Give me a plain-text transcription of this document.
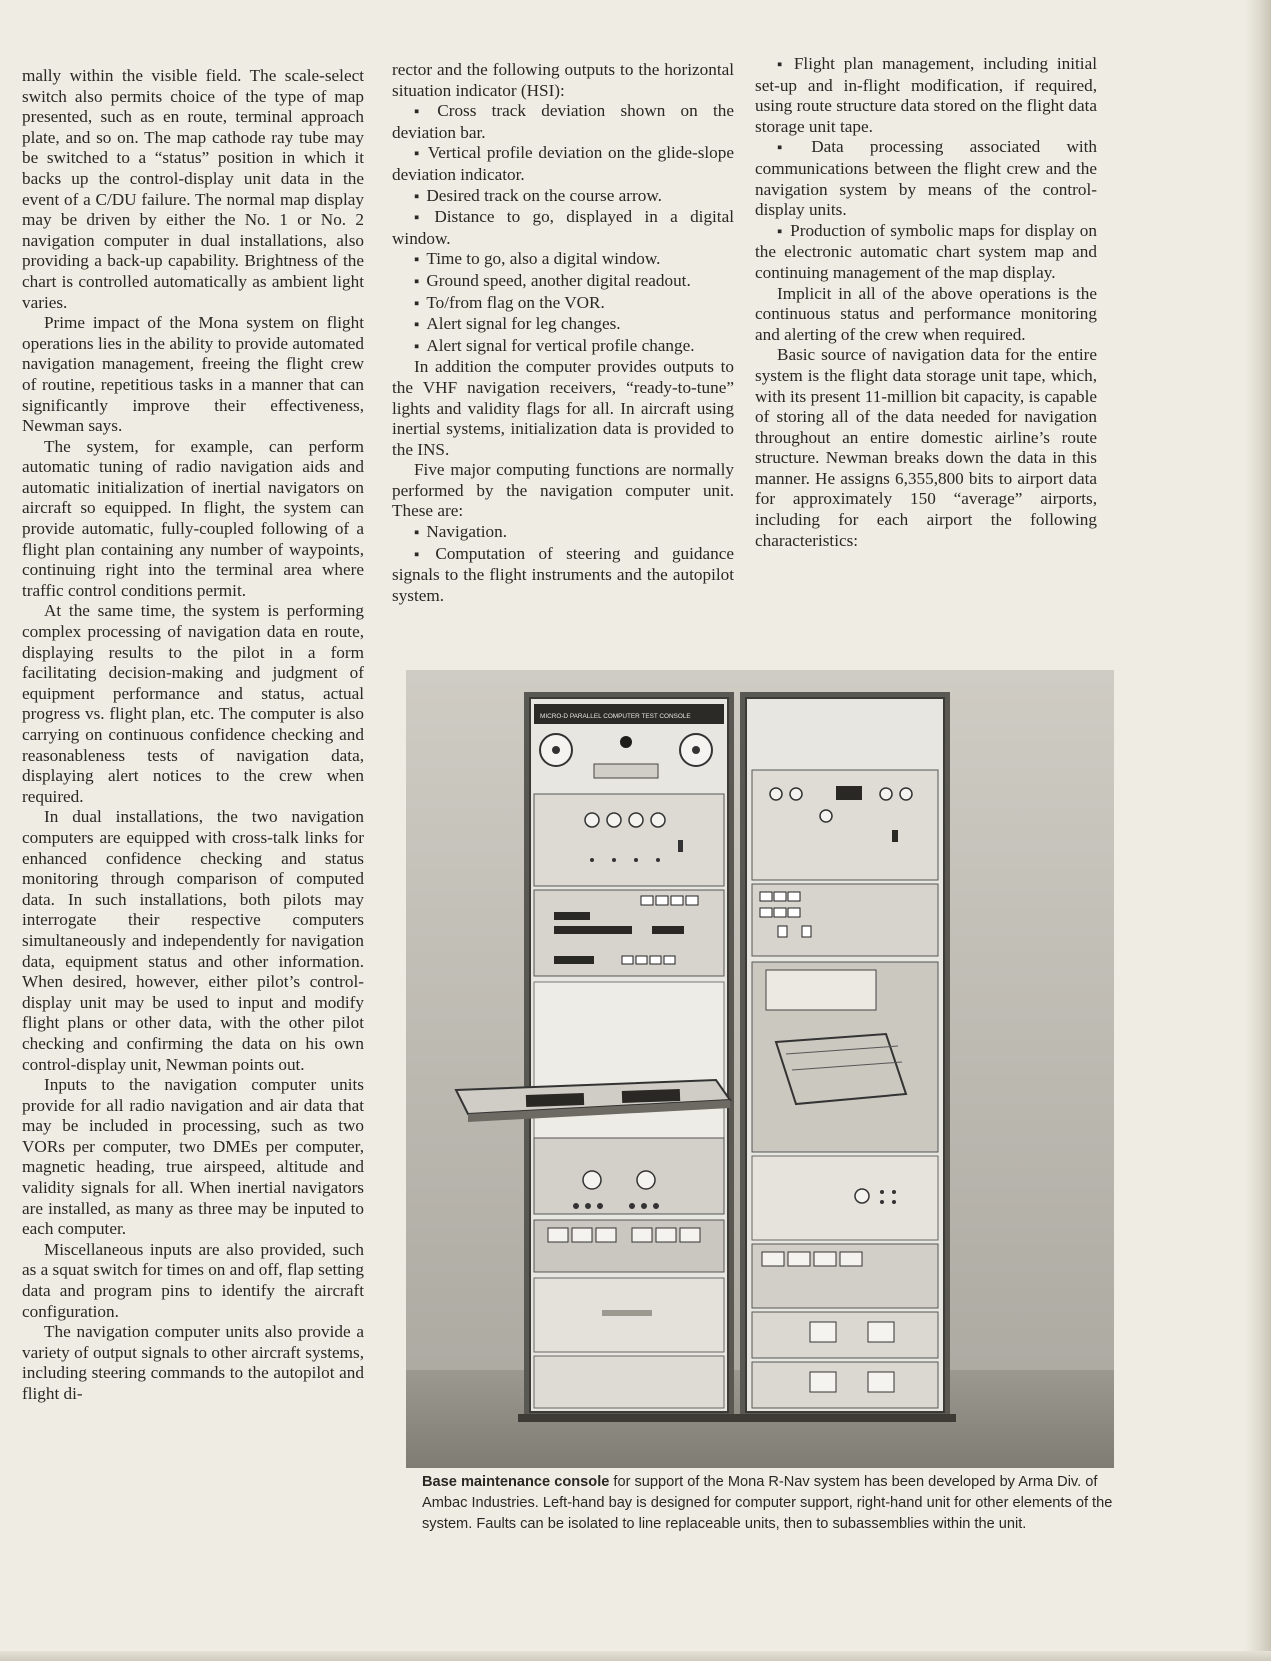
mally within the visible field. The scale-select switch also permits choice of the type of map presented, such as en route, terminal approach plate, and so on. The map cathode ray tube may be switched to a “status” position in which it backs up the control-display unit data in the event of a C/DU failure. The normal map display may be driven by either the No. 1 or No. 2 navigation computer in dual installations, also providing a back-up capability. Brightness of the chart is controlled automatically as ambient light varies.

Prime impact of the Mona system on flight operations lies in the ability to provide automated navigation management, freeing the flight crew of routine, repetitious tasks in a manner that can significantly improve their effectiveness, Newman says.

The system, for example, can perform automatic tuning of radio navigation aids and automatic initialization of inertial navigators on aircraft so equipped. In flight, the system can provide automatic, fully-coupled following of a flight plan containing any number of waypoints, continuing right into the terminal area where traffic control conditions permit.

At the same time, the system is performing complex processing of navigation data en route, displaying results to the pilot in a form facilitating decision-making and judgment of equipment performance and status, actual progress vs. flight plan, etc. The computer is also carrying on continuous confidence checking and reasonableness tests of navigation data, displaying alert notices to the crew when required.

In dual installations, the two navigation computers are equipped with cross-talk links for enhanced confidence checking and status monitoring through comparison of computed data. In such installations, both pilots may interrogate their respective computers simultaneously and independently for navigation data, equipment status and other information. When desired, however, either pilot’s control-display unit may be used to input and modify flight plans or other data, with the other pilot checking and confirming the data on his own control-display unit, Newman points out.

Inputs to the navigation computer units provide for all radio navigation and air data that may be included in processing, such as two VORs per computer, two DMEs per computer, magnetic heading, true airspeed, altitude and validity signals for all. When inertial navigators are installed, as many as three may be inputed to each computer.

Miscellaneous inputs are also provided, such as a squat switch for times on and off, flap setting data and program pins to identify the aircraft configuration.

The navigation computer units also provide a variety of output signals to other aircraft systems, including steering commands to the autopilot and flight di-

rector and the following outputs to the horizontal situation indicator (HSI):

▪ Cross track deviation shown on the deviation bar.

▪ Vertical profile deviation on the glide-slope deviation indicator.

▪ Desired track on the course arrow.

▪ Distance to go, displayed in a digital window.

▪ Time to go, also a digital window.

▪ Ground speed, another digital readout.

▪ To/from flag on the VOR.

▪ Alert signal for leg changes.

▪ Alert signal for vertical profile change.

In addition the computer provides outputs to the VHF navigation receivers, “ready-to-tune” lights and validity flags for all. In aircraft using inertial systems, initialization data is provided to the INS.

Five major computing functions are normally performed by the navigation computer unit. These are:

▪ Navigation.

▪ Computation of steering and guidance signals to the flight instruments and the autopilot system.

▪ Flight plan management, including initial set-up and in-flight modification, if required, using route structure data stored on the flight data storage unit tape.

▪ Data processing associated with communications between the flight crew and the navigation system by means of the control-display units.

▪ Production of symbolic maps for display on the electronic automatic chart system map and continuing management of the map display.

Implicit in all of the above operations is the continuous status and performance monitoring and alerting of the crew when required.

Basic source of navigation data for the entire system is the flight data storage unit tape, which, with its present 11-million bit capacity, is capable of storing all of the data needed for navigation throughout an entire domestic airline’s route structure. Newman breaks down the data in this manner. He assigns 6,355,800 bits to airport data for approximately 150 “average” airports, including for each airport the following characteristics:

MICRO-D PARALLEL COMPUTER TEST CONSOLE
Base maintenance console for support of the Mona R-Nav system has been developed by Arma Div. of Ambac Industries. Left-hand bay is designed for computer support, right-hand unit for other elements of the system. Faults can be isolated to line replaceable units, then to subassemblies within the unit.
